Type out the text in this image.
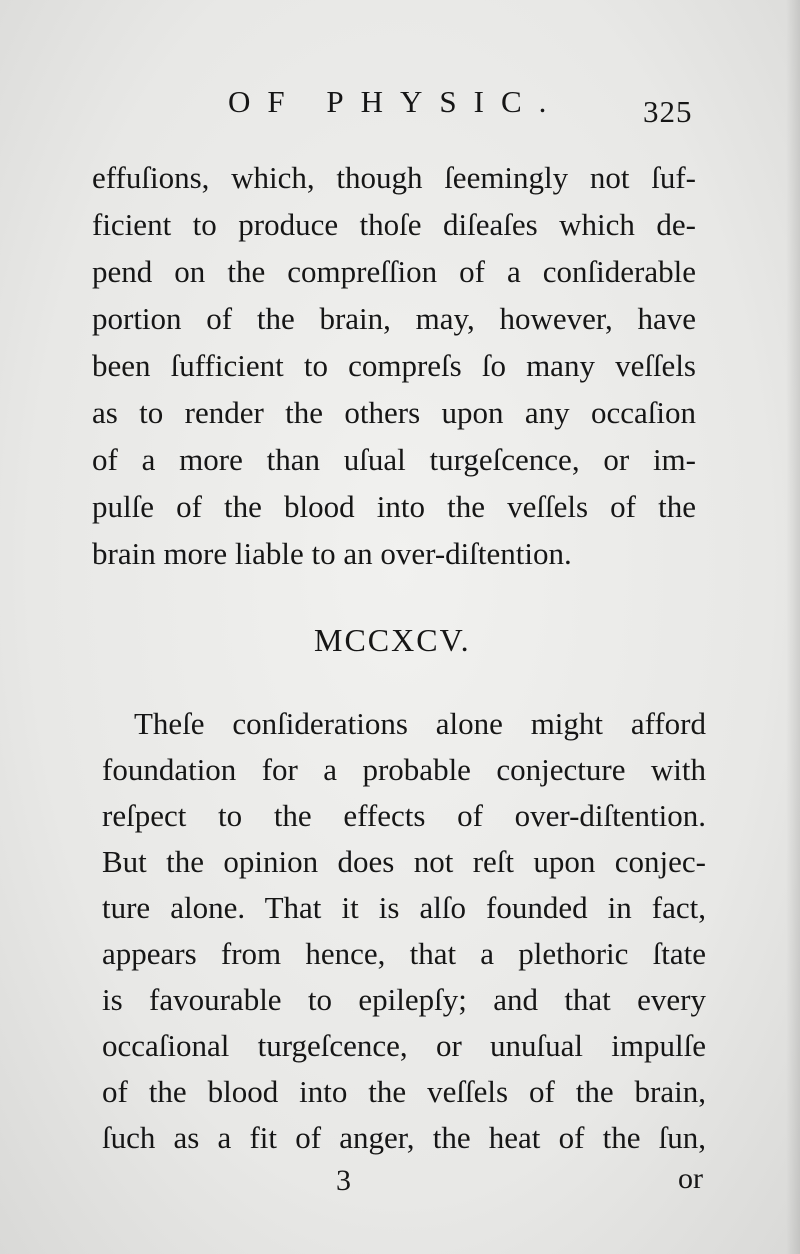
OF PHYSIC.	325
effuſions, which, though ſeemingly not ſuf-
ficient to produce thoſe diſeaſes which de-
pend on the compreſſion of a conſiderable
portion of the brain, may, however, have
been ſufficient to compreſs ſo many veſſels
as to render the others upon any occaſion
of a more than uſual turgeſcence, or im-
pulſe of the blood into the veſſels of the
brain more liable to an over-diſtention.
MCCXCV.
Theſe conſiderations alone might afford
foundation for a probable conjecture with
reſpect to the effects of over-diſtention.
But the opinion does not reſt upon conjec-
ture alone. That it is alſo founded in fact,
appears from hence, that a plethoric ſtate
is favourable to epilepſy; and that every
occaſional turgeſcence, or unuſual impulſe
of the blood into the veſſels of the brain,
ſuch as a fit of anger, the heat of the ſun,
3	or
